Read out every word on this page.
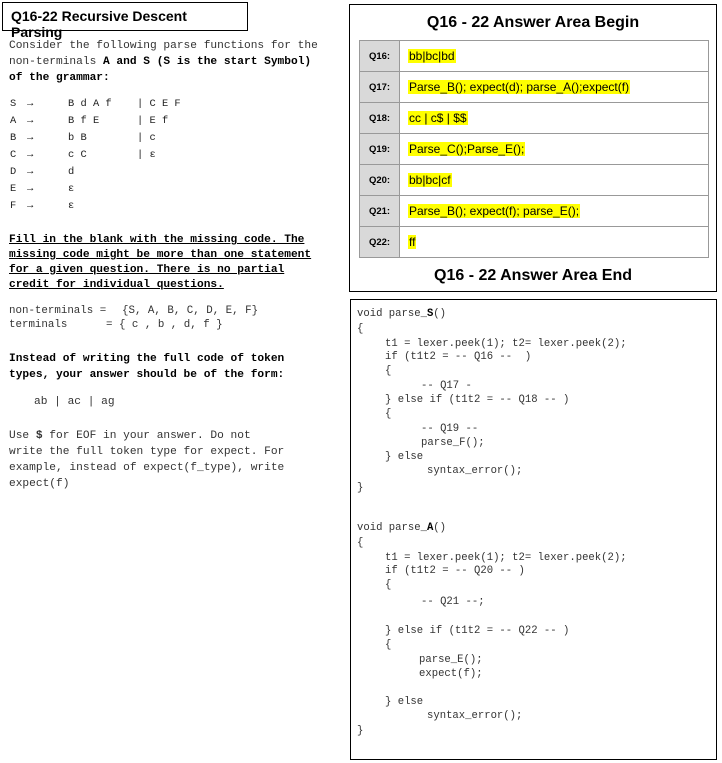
Q16-22 Recursive Descent Parsing
Consider the following parse functions for the
non-terminals A and S (S is the start Symbol)
of the grammar:
S →	B d A f | C E F
A →	B f E	| E f
B →	b B	| c
C →	c C	| ε
D →	d
E →	ε
F →	ε
Fill in the blank with the missing code. The
missing code might be more than one statement
for a given question. There is no partial
credit for individual questions.
non-terminals = {S, A, B, C, D, E, F}
terminals	= { c , b , d, f }
Instead of writing the full code of token
types, your answer should be of the form:
ab | ac | ag
Use $ for EOF in your answer. Do not
write the full token type for expect. For
example, instead of expect(f_type), write
expect(f)
Q16 - 22 Answer Area Begin
Q16:	bb|bc|bd
Q17:	Parse_B(); expect(d); parse_A();expect(f)
Q18:	cc | c$ | $$
Q19:	Parse_C();Parse_E();
Q20:	bb|bc|cf
Q21:	Parse_B(); expect(f); parse_E();
Q22:	ff
Q16 - 22 Answer Area End
void parse_S()
{
t1 = lexer.peek(1); t2= lexer.peek(2);
if (t1t2 = -- Q16 --  )
{
-- Q17 -
} else if (t1t2 = -- Q18 -- )
{
-- Q19 --
parse_F();
} else
syntax_error();
}
void parse_A()
{
t1 = lexer.peek(1); t2= lexer.peek(2);
if (t1t2 = -- Q20 -- )
{
-- Q21 --;
} else if (t1t2 = -- Q22 -- )
{
parse_E();
expect(f);
} else
syntax_error();
}
